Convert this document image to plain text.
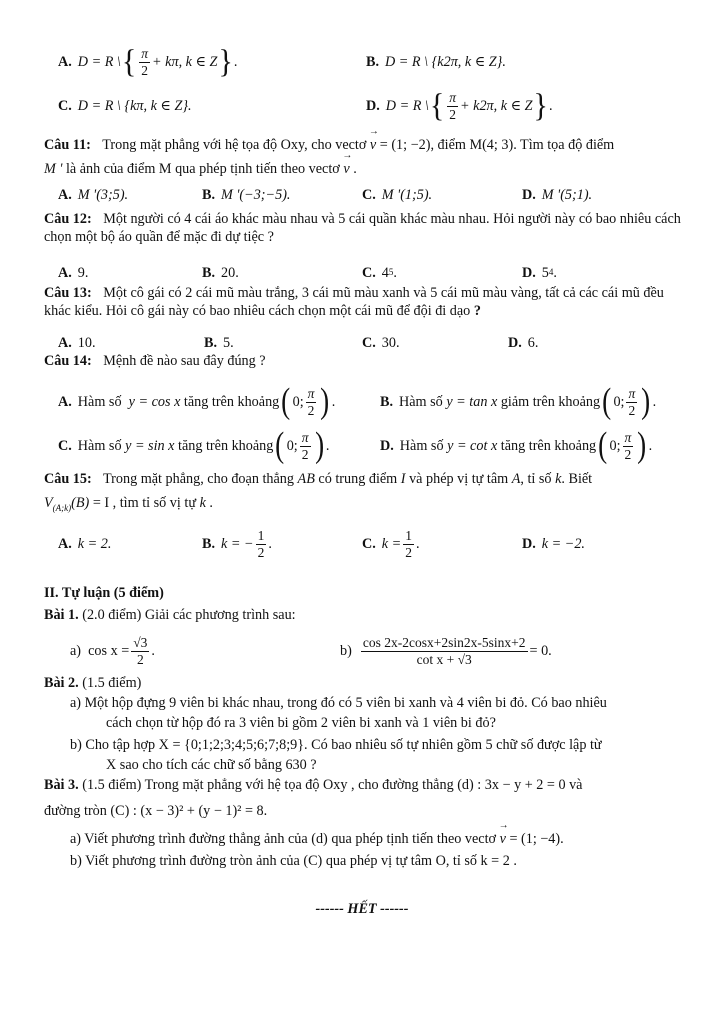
A. D = R \ { $\frac{\pi}{2} + k\pi$, k ∈ Z } .	B. D = R \ {k2π, k ∈ Z}.
C. D = R \ {kπ, k ∈ Z}.	D. D = R \ { $\frac{\pi}{2} + k2\pi$, k ∈ Z } .
Câu 11: Trong mặt phẳng với hệ tọa độ Oxy, cho vectơ → v = (1; −2), điểm M(4; 3). Tìm tọa độ điểm
M ' là ảnh của điểm M qua phép tịnh tiến theo vectơ → v .
A. M '(3;5).	B. M '(−3;−5).	C. M '(1;5).	D. M '(5;1).
Câu 12: Một người có 4 cái áo khác màu nhau và 5 cái quần khác màu nhau. Hỏi người này có bao nhiêu cách chọn một bộ áo quần để mặc đi dự tiệc ?
A. 9.	B. 20.	C. 4 5 .	D. 5 4 .
Câu 13: Một cô gái có 2 cái mũ màu trắng, 3 cái mũ màu xanh và 5 cái mũ màu vàng, tất cả các cái mũ đều khác kiểu. Hỏi cô gái này có bao nhiêu cách chọn một cái mũ để đội đi dạo ?
A. 10.	B. 5.	C. 30.	D. 6.
Câu 14: Mệnh đề nào sau đây đúng ?
A. Hàm số
y = cos x
tăng trên khoảng ( 0; $\frac{\pi}{2}$ ) .	B. Hàm số
y = tan x
giảm trên khoảng ( 0; $\frac{\pi}{2}$ ) .
C. Hàm số
y = sin x
tăng trên khoảng ( 0; $\frac{\pi}{2}$ ) .	D. Hàm số
y = cot x
tăng trên khoảng ( 0; $\frac{\pi}{2}$ ) .
Câu 15: Trong mặt phẳng, cho đoạn thẳng AB có trung điểm I và phép vị tự tâm A, tỉ số k. Biết
$V_{(A;k)}(B) = I$ , tìm tỉ số vị tự k .
A. k = 2.	B. k = − $\frac{1}{2}$ .	C. $k = \frac{1}{2}$ .	D. k = −2.
II. Tự luận (5 điểm)
Bài 1. (2.0 điểm) Giải các phương trình sau:
a)
$\cos x = \frac{√3}{2}$ .	b)
$\frac{\cos 2x-2\cos x+2\sin 2x-5\sin x+2}{\text{cot x + √3}} = 0$.
Bài 2. (1.5 điểm)
a) Một hộp đựng 9 viên bi khác nhau, trong đó có 5 viên bi xanh và 4 viên bi đỏ. Có bao nhiêu
cách chọn từ hộp đó ra 3 viên bi gồm 2 viên bi xanh và 1 viên bi đỏ?
b) Cho tập hợp X = {0;1;2;3;4;5;6;7;8;9}. Có bao nhiêu số tự nhiên gồm 5 chữ số được lập từ
X sao cho tích các chữ số bằng 630 ?
Bài 3. (1.5 điểm) Trong mặt phẳng với hệ tọa độ Oxy , cho đường thẳng (d) : 3x − y + 2 = 0 và
đường tròn (C) : (x − 3)² + (y − 1)² = 8.
a) Viết phương trình đường thẳng ảnh của (d) qua phép tịnh tiến theo vectơ → v = (1; −4).
b) Viết phương trình đường tròn ảnh của (C) qua phép vị tự tâm O, tỉ số k = 2 .
------ HẾT ------
